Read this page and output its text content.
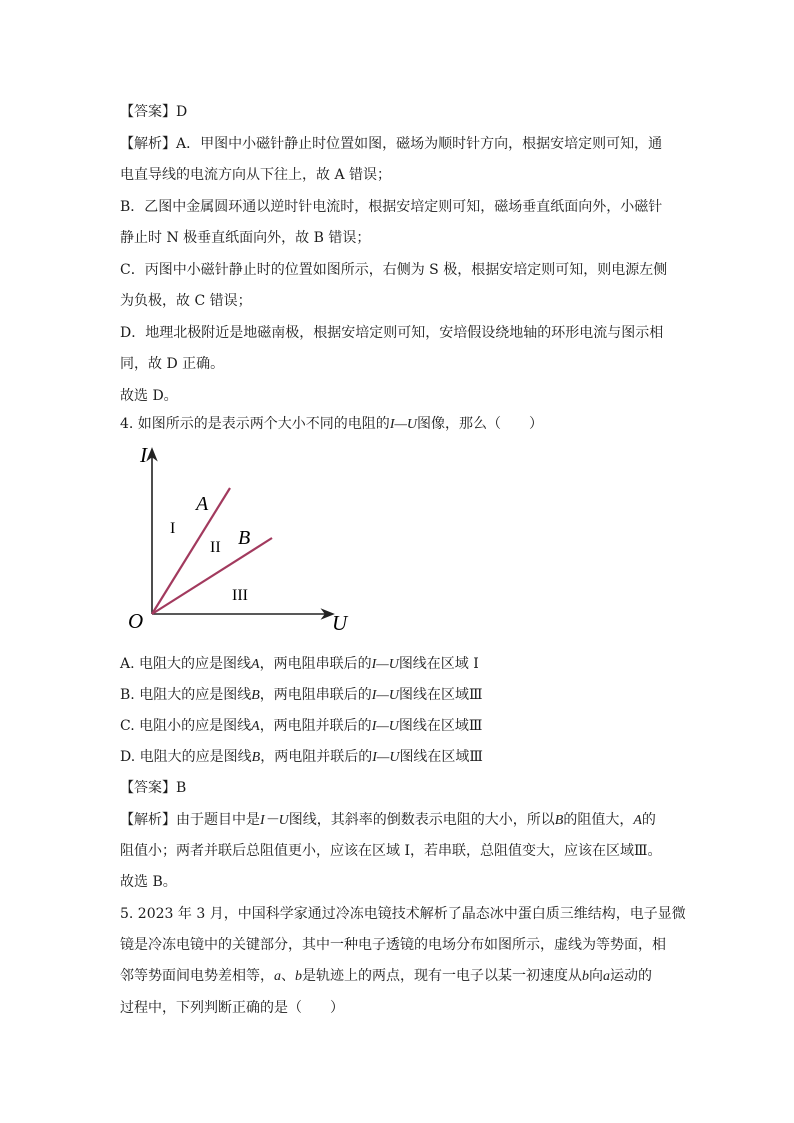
【答案】D
【解析】A．甲图中小磁针静止时位置如图，磁场为顺时针方向，根据安培定则可知，通
电直导线的电流方向从下往上，故 A 错误；
B．乙图中金属圆环通以逆时针电流时，根据安培定则可知，磁场垂直纸面向外，小磁针
静止时 N 极垂直纸面向外，故 B 错误；
C．丙图中小磁针静止时的位置如图所示，右侧为 S 极，根据安培定则可知，则电源左侧
为负极，故 C 错误；
D．地理北极附近是地磁南极，根据安培定则可知，安培假设绕地轴的环形电流与图示相
同，故 D 正确。
故选 D。
4. 如图所示的是表示两个大小不同的电阻的I—U图像，那么（　　）
I
U
O
A
B
I
II
III
A. 电阻大的应是图线A，两电阻串联后的I—U图线在区域 Ⅰ
B. 电阻大的应是图线B，两电阻串联后的I—U图线在区域Ⅲ
C. 电阻小的应是图线A，两电阻并联后的I—U图线在区域Ⅲ
D. 电阻大的应是图线B，两电阻并联后的I—U图线在区域Ⅲ
【答案】B
【解析】由于题目中是I－U图线，其斜率的倒数表示电阻的大小，所以B的阻值大，A的
阻值小；两者并联后总阻值更小，应该在区域 Ⅰ，若串联，总阻值变大，应该在区域Ⅲ。
故选 B。
5. 2023 年 3 月，中国科学家通过冷冻电镜技术解析了晶态冰中蛋白质三维结构，电子显微
镜是冷冻电镜中的关键部分，其中一种电子透镜的电场分布如图所示，虚线为等势面，相
邻等势面间电势差相等，a、b是轨迹上的两点，现有一电子以某一初速度从b向a运动的
过程中，下列判断正确的是（　　）
